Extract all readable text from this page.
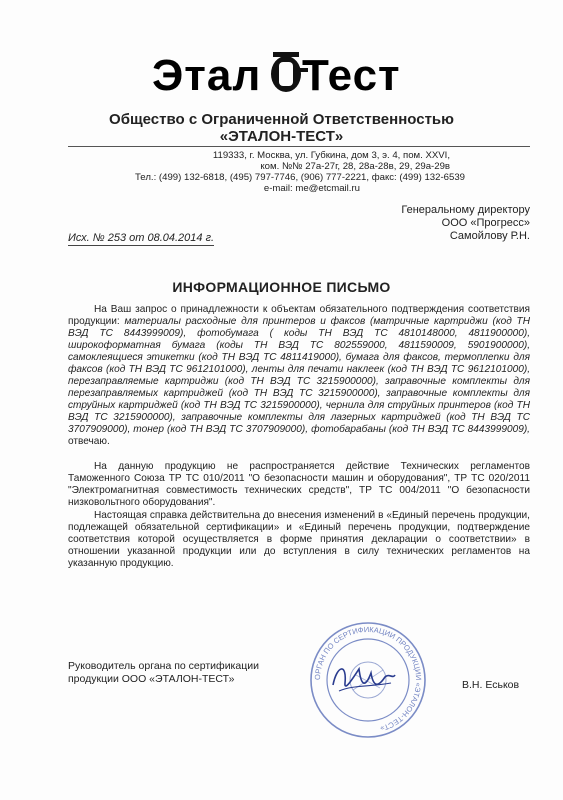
Этал Тест
Общество с Ограниченной Ответственностью
«ЭТАЛОН-ТЕСТ»
119333, г. Москва, ул. Губкина, дом 3, э. 4, пом. XXVI,
ком. №№ 27а-27г, 28, 28а-28в, 29, 29а-29в
Тел.: (499) 132-6818, (495) 797-7746, (906) 777-2221, факс: (499) 132-6539
e-mail: me@etcmail.ru
Генеральному директору
ООО «Прогресс»
Самойлову Р.Н.
Исх. № 253 от 08.04.2014 г.
ИНФОРМАЦИОННОЕ ПИСЬМО
На Ваш запрос о принадлежности к объектам обязательного подтверждения соответствия продукции: материалы расходные для принтеров и факсов (матричные картриджи (код ТН ВЭД ТС 8443999009), фотобумага ( коды ТН ВЭД ТС 4810148000, 4811900000), широкоформатная бумага (коды ТН ВЭД ТС 802559000, 4811590009, 5901900000), самоклеящиеся этикетки (код ТН ВЭД ТС 4811419000), бумага для факсов, термоплenки для факсов (код ТН ВЭД ТС 9612101000), ленты для печати наклеек (код ТН ВЭД ТС 9612101000), перезаправляемые картриджи (код ТН ВЭД ТС 3215900000), заправочные комплекты для перезаправляемых картриджей (код ТН ВЭД ТС 3215900000), заправочные комплекты для струйных картриджей (код ТН ВЭД ТС 3215900000), чернила для струйных принтеров (код ТН ВЭД ТС 3215900000), заправочные комплекты для лазерных картриджей (код ТН ВЭД ТС 3707909000), тонер (код ТН ВЭД ТС 3707909000), фотобарабаны (код ТН ВЭД ТС 8443999009), отвечаю.
На данную продукцию не распространяется действие Технических регламентов Таможенного Союза ТР ТС 010/2011 "О безопасности машин и оборудования", ТР ТС 020/2011 "Электромагнитная совместимость технических средств", ТР ТС 004/2011 "О безопасности низковольтного оборудования".
Настоящая справка действительна до внесения изменений в «Единый перечень продукции, подлежащей обязательной сертификации» и «Единый перечень продукции, подтверждение соответствия которой осуществляется в форме принятия декларации о соответствии» в отношении указанной продукции или до вступления в силу технических регламентов на указанную продукцию.
ОРГАН ПО СЕРТИФИКАЦИИ ПРОДУКЦИИ «ЭТАЛОН-ТЕСТ»
Руководитель органа по сертификации
продукции ООО «ЭТАЛОН-ТЕСТ»	В.Н. Еськов
